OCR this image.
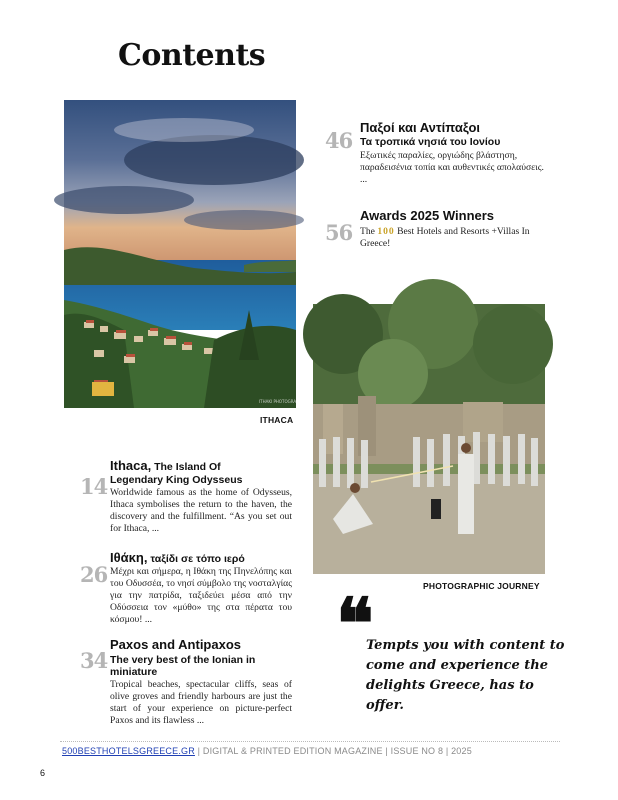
Contents
ITHAKI PHOTOGRAPHY
ITHACA
PHOTOGRAPHIC JOURNEY
46
Παξοί και Αντίπαξοι
Τα τροπικά νησιά του Ιονίου
Εξωτικές παραλίες, οργιώδης βλάστηση, παραδεισένια τοπία και αυθεντικές απολαύσεις. ...
56
Awards 2025 Winners
The 100 Best Hotels and Resorts +Villas In Greece!
14
Ithaca, The Island Of
Legendary King Odysseus
Worldwide famous as the home of Odysseus, Ithaca symbolises the return to the haven, the discovery and the fulfillment. “As you set out for Ithaca, ...
26
Ιθάκη, ταξίδι σε τόπο ιερό
Μέχρι και σήμερα, η Ιθάκη της Πηνελόπης και του Οδυσσέα, το νησί σύμβολο της νοσταλγίας για την πατρίδα, ταξιδεύει μέσα από την Οδύσσεια τον «μύθο» της στα πέρατα του κόσμου! ...
34
Paxos and Antipaxos
The very best of the Ionian in miniature
Tropical beaches, spectacular cliffs, seas of olive groves and friendly harbours are just the start of your experience on picture-perfect Paxos and its flawless ...
❝
Tempts you with content to come and experience the delights Greece, has to offer.
500BESTHOTELSGREECE.GR | DIGITAL & PRINTED EDITION MAGAZINE | ISSUE NO 8 | 2025
6
